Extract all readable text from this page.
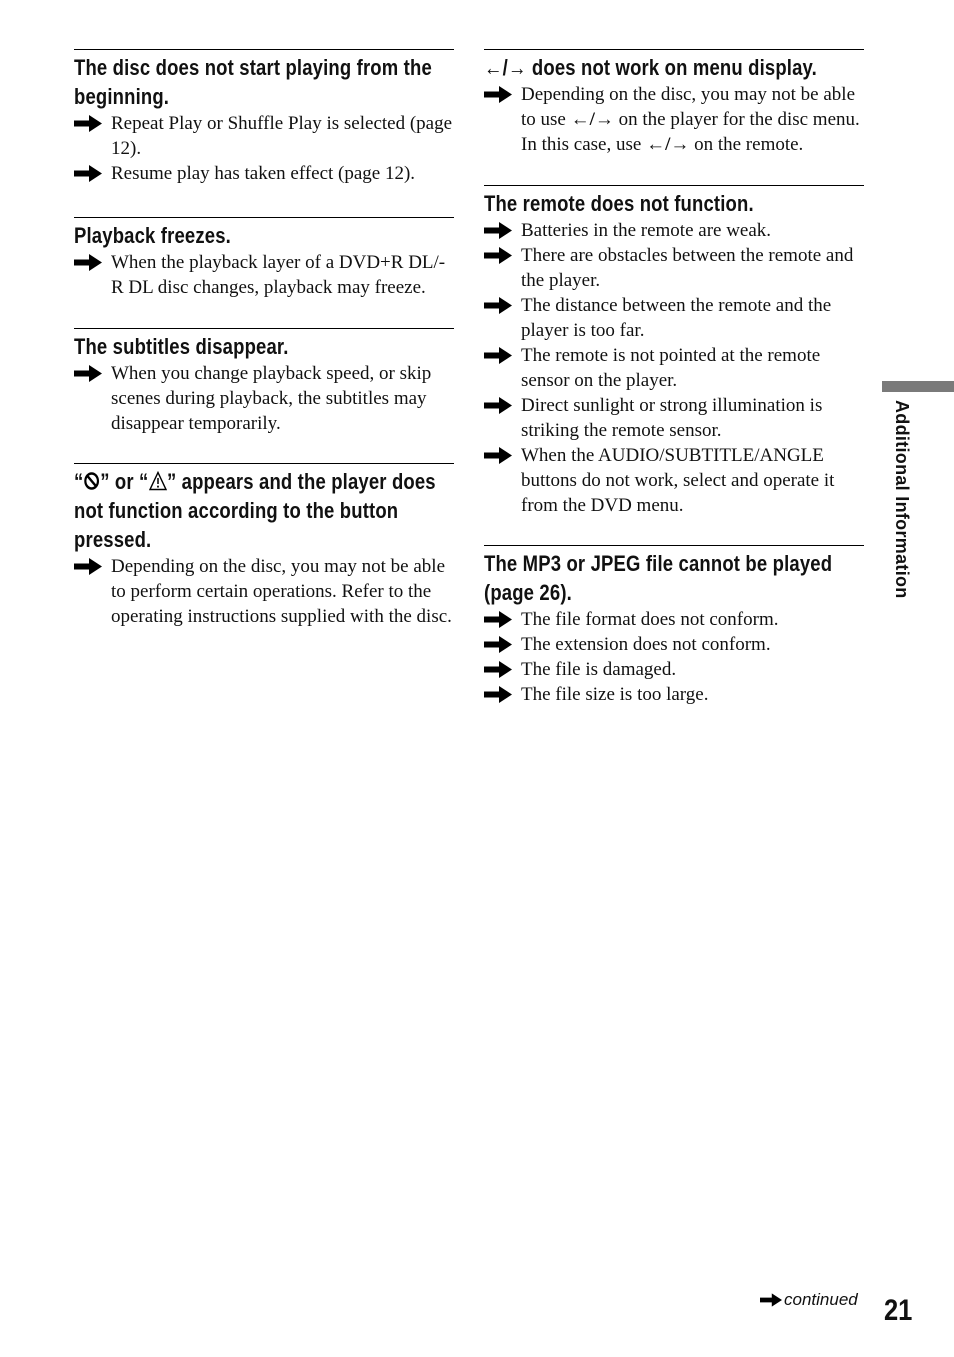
The disc does not start playing from the beginning.
Repeat Play or Shuffle Play is selected (page 12).
Resume play has taken effect (page 12).
Playback freezes.
When the playback layer of a DVD+R DL/-R DL disc changes, playback may freeze.
The subtitles disappear.
When you change playback speed, or skip scenes during playback, the subtitles may disappear temporarily.
“ ” or “ ” appears and the player does not function according to the button pressed.
Depending on the disc, you may not be able to perform certain operations. Refer to the operating instructions supplied with the disc.
←/→ does not work on menu display.
Depending on the disc, you may not be able to use ←/→ on the player for the disc menu. In this case, use ←/→ on the remote.
The remote does not function.
Batteries in the remote are weak.
There are obstacles between the remote and the player.
The distance between the remote and the player is too far.
The remote is not pointed at the remote sensor on the player.
Direct sunlight or strong illumination is striking the remote sensor.
When the AUDIO/SUBTITLE/ANGLE buttons do not work, select and operate it from the DVD menu.
The MP3 or JPEG file cannot be played (page 26).
The file format does not conform.
The extension does not conform.
The file is damaged.
The file size is too large.
Additional Information
continued 21
